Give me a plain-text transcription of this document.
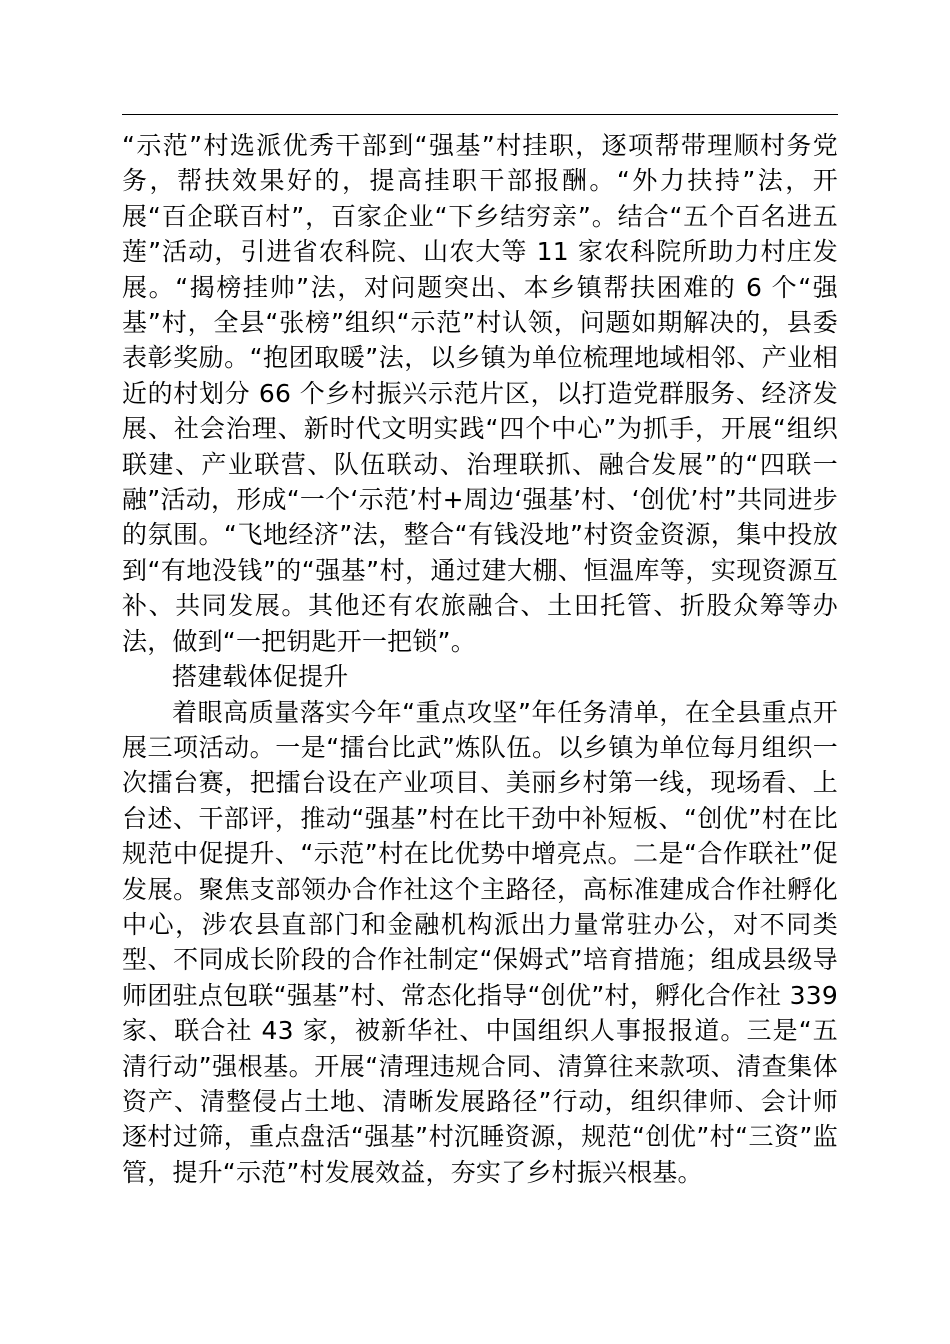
“示范”村选派优秀干部到“强基”村挂职，逐项帮带理顺村务党务，帮扶效果好的，提高挂职干部报酬。“外力扶持”法，开展“百企联百村”，百家企业“下乡结穷亲”。结合“五个百名进五莲”活动，引进省农科院、山农大等 11 家农科院所助力村庄发展。“揭榜挂帅”法，对问题突出、本乡镇帮扶困难的 6 个“强基”村，全县“张榜”组织“示范”村认领，问题如期解决的，县委表彰奖励。“抱团取暖”法，以乡镇为单位梳理地域相邻、产业相近的村划分 66 个乡村振兴示范片区，以打造党群服务、经济发展、社会治理、新时代文明实践“四个中心”为抓手，开展“组织联建、产业联营、队伍联动、治理联抓、融合发展”的“四联一融”活动，形成“一个‘示范’村+周边‘强基’村、‘创优’村”共同进步的氛围。“飞地经济”法，整合“有钱没地”村资金资源，集中投放到“有地没钱”的“强基”村，通过建大棚、恒温库等，实现资源互补、共同发展。其他还有农旅融合、土田托管、折股众筹等办法，做到“一把钥匙开一把锁”。

搭建载体促提升

着眼高质量落实今年“重点攻坚”年任务清单，在全县重点开展三项活动。一是“擂台比武”炼队伍。以乡镇为单位每月组织一次擂台赛，把擂台设在产业项目、美丽乡村第一线，现场看、上台述、干部评，推动“强基”村在比干劲中补短板、“创优”村在比规范中促提升、“示范”村在比优势中增亮点。二是“合作联社”促发展。聚焦支部领办合作社这个主路径，高标准建成合作社孵化中心，涉农县直部门和金融机构派出力量常驻办公，对不同类型、不同成长阶段的合作社制定“保姆式”培育措施；组成县级导师团驻点包联“强基”村、常态化指导“创优”村，孵化合作社 339 家、联合社 43 家，被新华社、中国组织人事报报道。三是“五清行动”强根基。开展“清理违规合同、清算往来款项、清查集体资产、清整侵占土地、清晰发展路径”行动，组织律师、会计师逐村过筛，重点盘活“强基”村沉睡资源，规范“创优”村“三资”监管，提升“示范”村发展效益，夯实了乡村振兴根基。
